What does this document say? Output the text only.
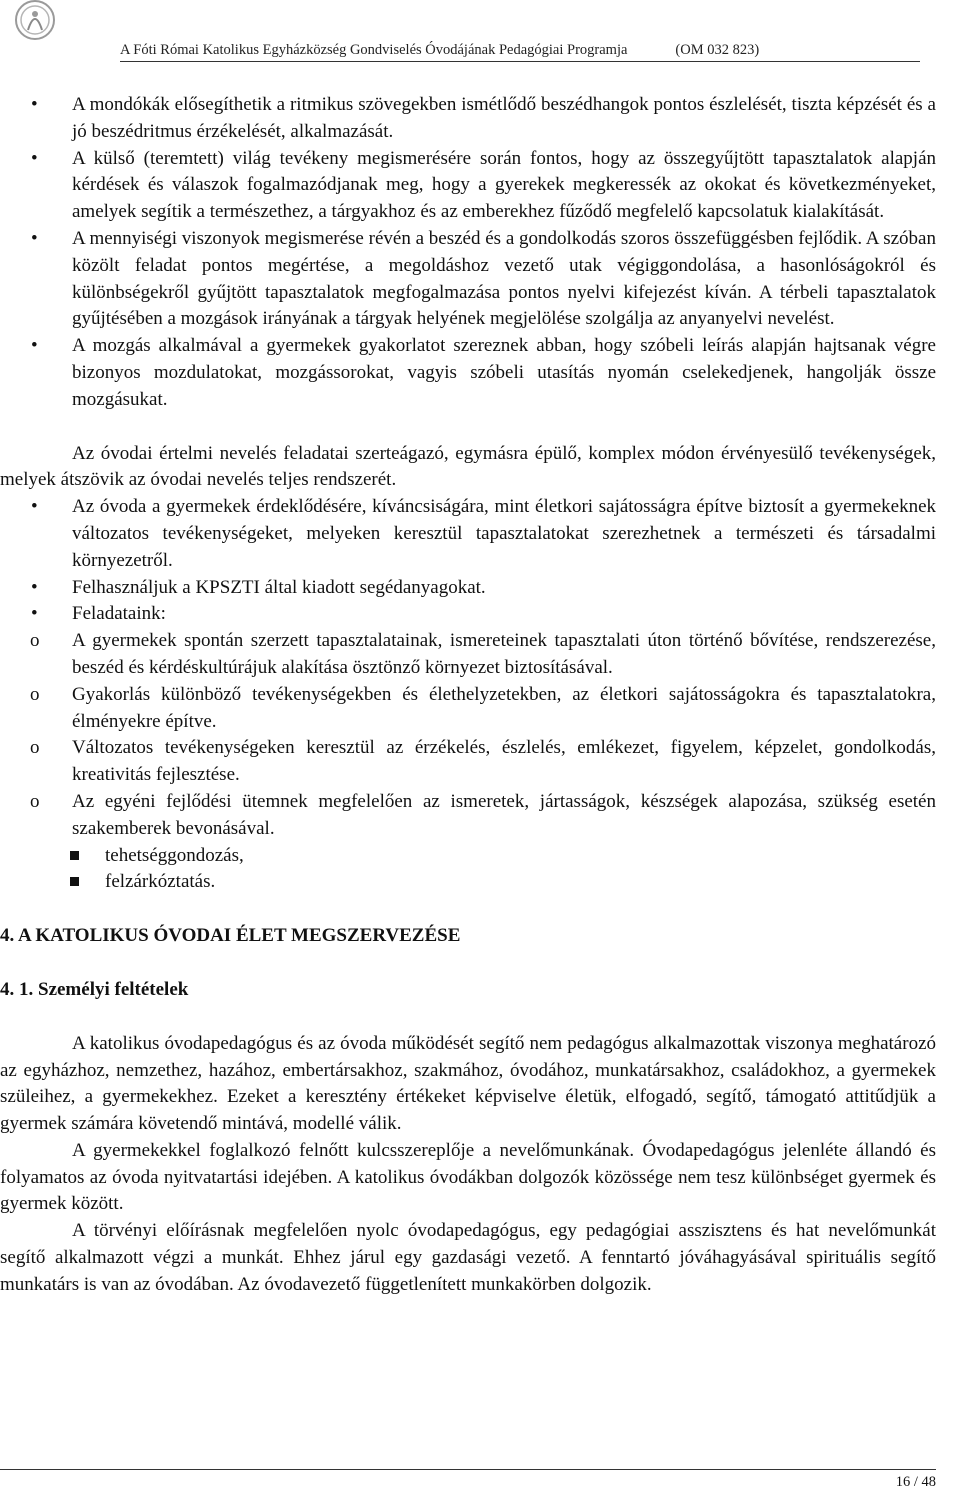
A Fóti Római Katolikus Egyházközség Gondviselés Óvodájának Pedagógiai Programja	(OM 032 823)
• A mondókák elősegíthetik a ritmikus szövegekben ismétlődő beszédhangok pontos észlelését, tiszta képzését és a jó beszédritmus érzékelését, alkalmazását.
• A külső (teremtett) világ tevékeny megismerésére során fontos, hogy az összegyűjtött tapasztalatok alapján kérdések és válaszok fogalmazódjanak meg, hogy a gyerekek megkeressék az okokat és következményeket, amelyek segítik a természethez, a tárgyakhoz és az emberekhez fűződő megfelelő kapcsolatuk kialakítását.
• A mennyiségi viszonyok megismerése révén a beszéd és a gondolkodás szoros összefüggésben fejlődik. A szóban közölt feladat pontos megértése, a megoldáshoz vezető utak végiggondolása, a hasonlóságokról és különbségekről gyűjtött tapasztalatok megfogalmazása pontos nyelvi kifejezést kíván. A térbeli tapasztalatok gyűjtésében a mozgások irányának a tárgyak helyének megjelölése szolgálja az anyanyelvi nevelést.
• A mozgás alkalmával a gyermekek gyakorlatot szereznek abban, hogy szóbeli leírás alapján hajtsanak végre bizonyos mozdulatokat, mozgássorokat, vagyis szóbeli utasítás nyomán cselekedjenek, hangolják össze mozgásukat.

Az óvodai értelmi nevelés feladatai szerteágazó, egymásra épülő, komplex módon érvényesülő tevékenységek, melyek átszövik az óvodai nevelés teljes rendszerét.

• Az óvoda a gyermekek érdeklődésére, kíváncsiságára, mint életkori sajátosságra építve biztosít a gyermekeknek változatos tevékenységeket, melyeken keresztül tapasztalatokat szerezhetnek a természeti és társadalmi környezetről.
• Felhasználjuk a KPSZTI által kiadott segédanyagokat.
• Feladataink:
o A gyermekek spontán szerzett tapasztalatainak, ismereteinek tapasztalati úton történő bővítése, rendszerezése, beszéd és kérdéskultúrájuk alakítása ösztönző környezet biztosításával.
o Gyakorlás különböző tevékenységekben és élethelyzetekben, az életkori sajátosságokra és tapasztalatokra, élményekre építve.
o Változatos tevékenységeken keresztül az érzékelés, észlelés, emlékezet, figyelem, képzelet, gondolkodás, kreativitás fejlesztése.
o Az egyéni fejlődési ütemnek megfelelően az ismeretek, jártasságok, készségek alapozása, szükség esetén szakemberek bevonásával.
tehetséggondozás,
felzárkóztatás.
4. A KATOLIKUS ÓVODAI ÉLET MEGSZERVEZÉSE
4. 1. Személyi feltételek

A katolikus óvodapedagógus és az óvoda működését segítő nem pedagógus alkalmazottak viszonya meghatározó az egyházhoz, nemzethez, hazához, embertársakhoz, szakmához, óvodához, munkatársakhoz, családokhoz, a gyermekek szüleihez, a gyermekekhez. Ezeket a keresztény értékeket képviselve életük, elfogadó, segítő, támogató attitűdjük a gyermek számára követendő mintává, modellé válik.

A gyermekekkel foglalkozó felnőtt kulcsszereplője a nevelőmunkának. Óvodapedagógus jelenléte állandó és folyamatos az óvoda nyitvatartási idejében. A katolikus óvodákban dolgozók közössége nem tesz különbséget gyermek és gyermek között.

A törvényi előírásnak megfelelően nyolc óvodapedagógus, egy pedagógiai asszisztens és hat nevelőmunkát segítő alkalmazott végzi a munkát. Ehhez járul egy gazdasági vezető. A fenntartó jóváhagyásával spirituális segítő munkatárs is van az óvodában. Az óvodavezető függetlenített munkakörben dolgozik.

16 / 48
